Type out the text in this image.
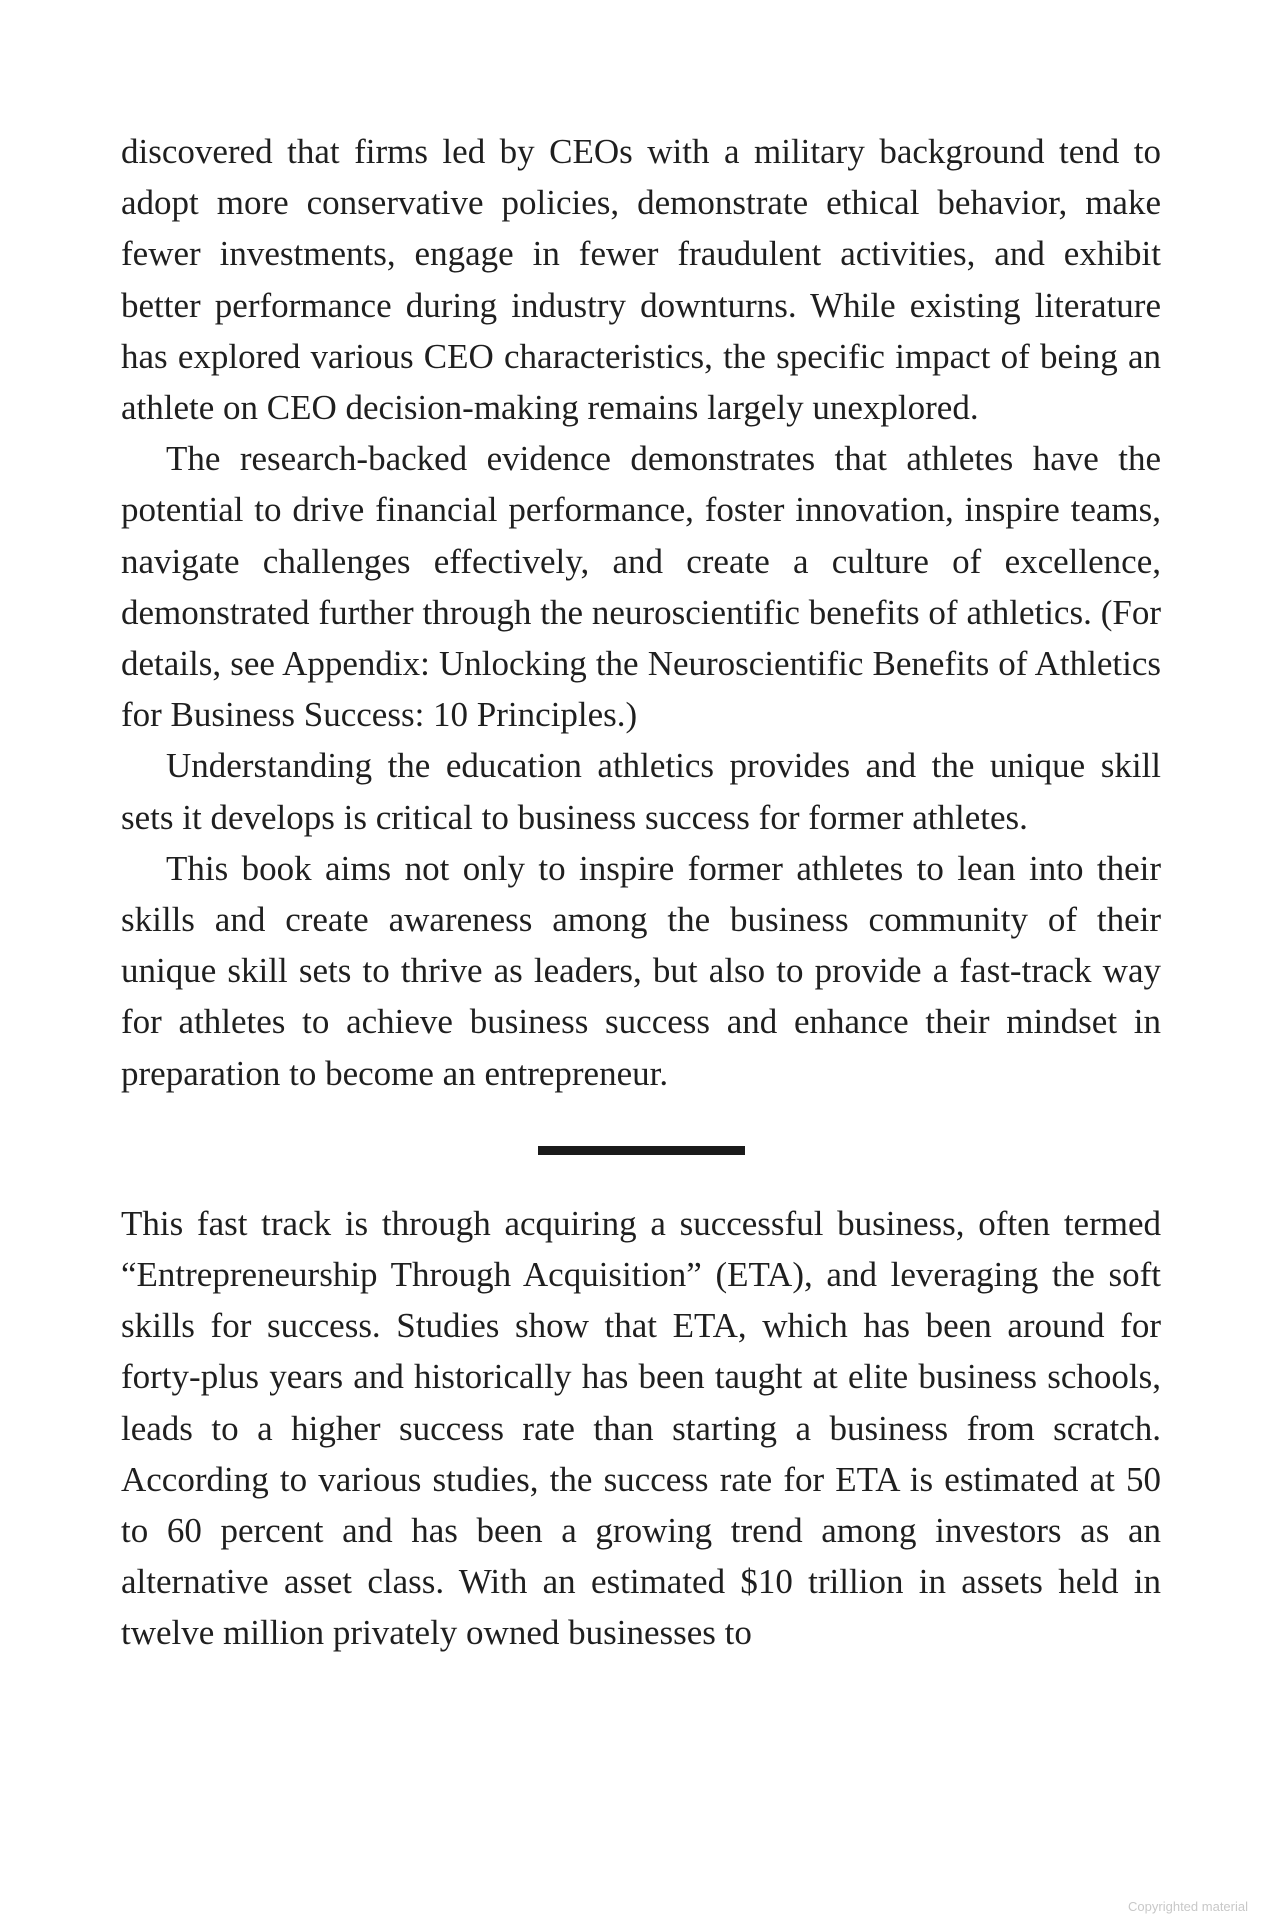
discovered that firms led by CEOs with a military background tend to adopt more conservative policies, demonstrate ethical behavior, make fewer investments, engage in fewer fraudulent activities, and exhibit better performance during industry downturns. While existing literature has explored various CEO characteristics, the specific impact of being an athlete on CEO decision-making remains largely unexplored.

The research-backed evidence demonstrates that athletes have the potential to drive financial performance, foster innovation, inspire teams, navigate challenges effectively, and create a culture of excellence, demonstrated further through the neuroscientific benefits of athletics. (For details, see Appendix: Unlocking the Neuroscientific Benefits of Athletics for Business Success: 10 Principles.)

Understanding the education athletics provides and the unique skill sets it develops is critical to business success for former athletes.

This book aims not only to inspire former athletes to lean into their skills and create awareness among the business community of their unique skill sets to thrive as leaders, but also to provide a fast-track way for athletes to achieve business success and enhance their mindset in preparation to become an entrepreneur.

This fast track is through acquiring a successful business, often termed “Entrepreneurship Through Acquisition” (ETA), and leveraging the soft skills for success. Studies show that ETA, which has been around for forty-plus years and historically has been taught at elite business schools, leads to a higher success rate than starting a business from scratch. According to various studies, the success rate for ETA is estimated at 50 to 60 percent and has been a growing trend among investors as an alternative asset class. With an estimated $10 trillion in assets held in twelve million privately owned businesses to

Copyrighted material
